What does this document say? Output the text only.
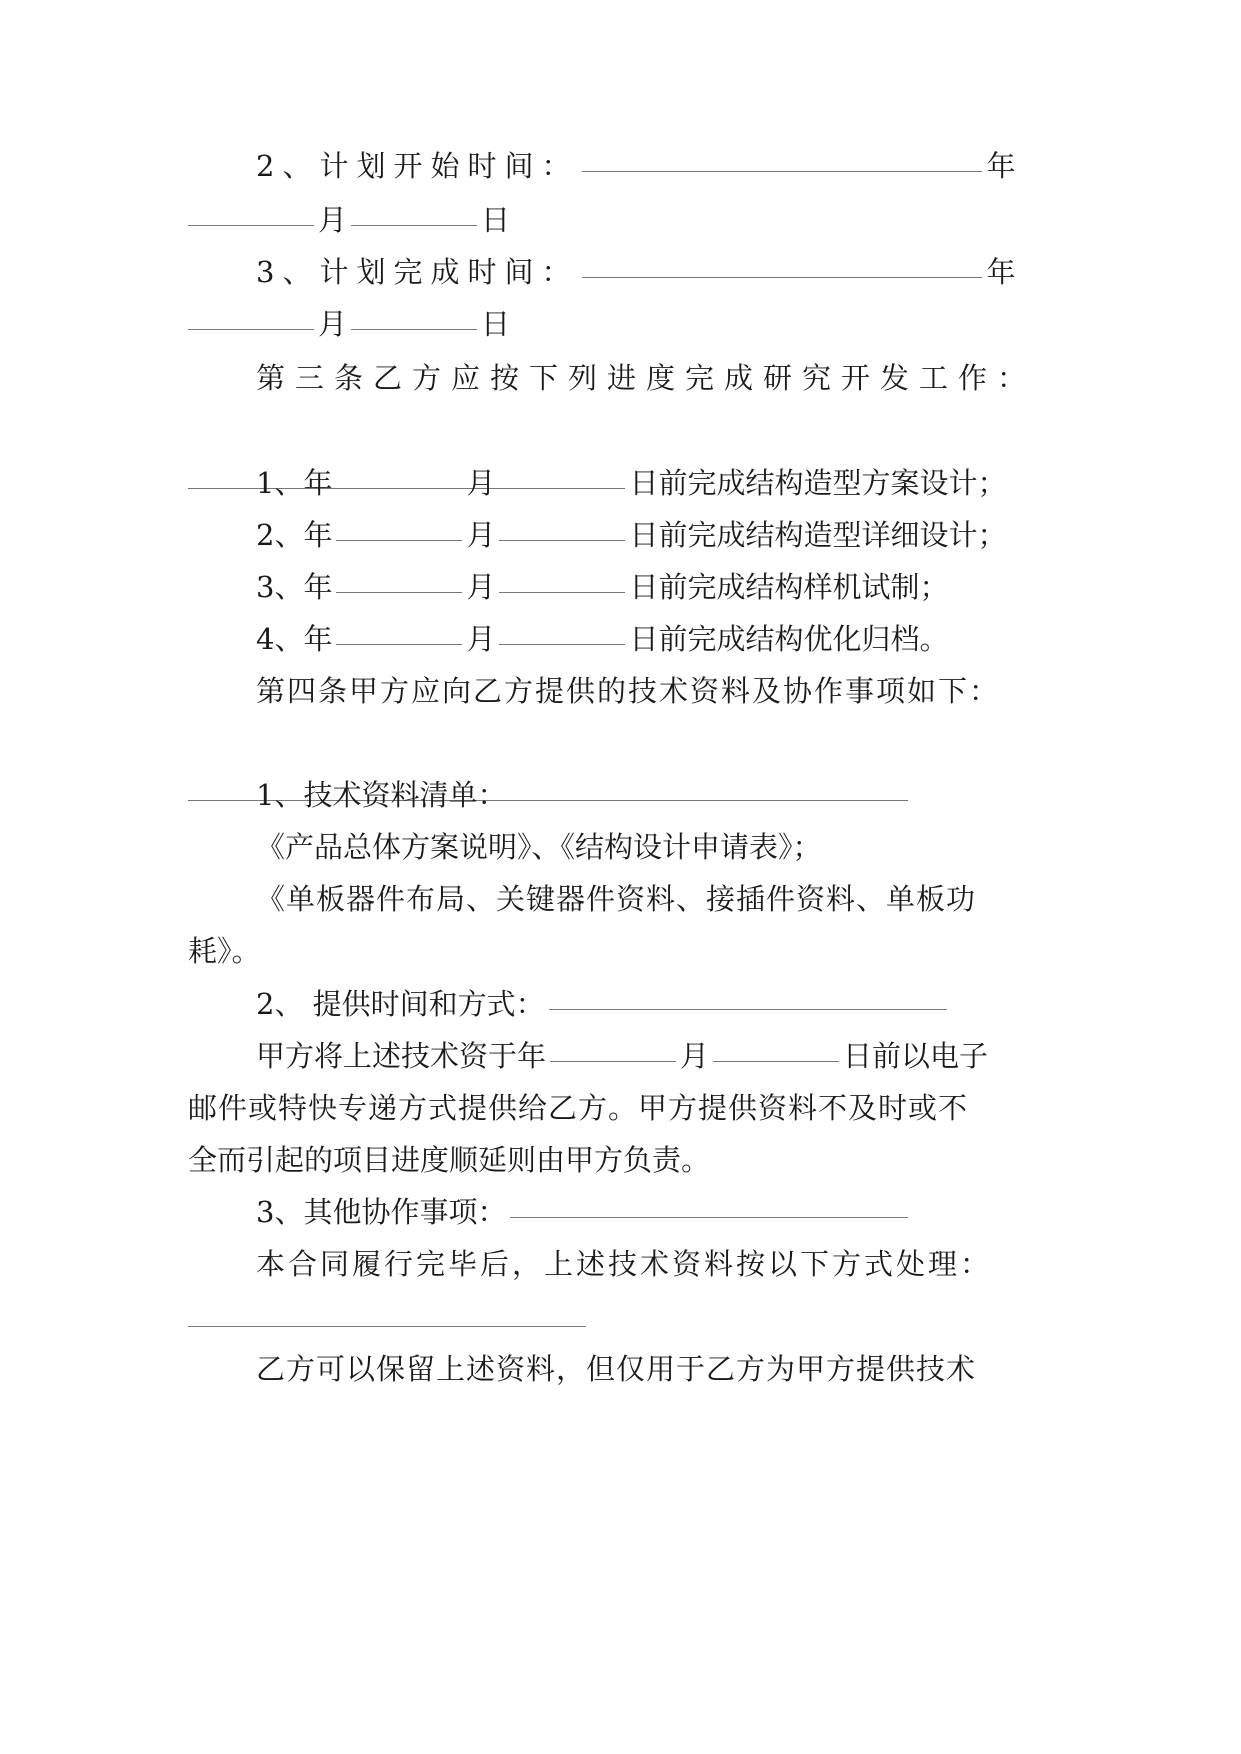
2、计划开始时间：	年
月	日
3、计划完成时间：	年
月	日
第三条乙方应按下列进度完成研究开发工作：
1、年	月	日前完成结构造型方案设计；
2、年	月	日前完成结构造型详细设计；
3、年	月	日前完成结构样机试制；
4、年	月	日前完成结构优化归档。
第四条甲方应向乙方提供的技术资料及协作事项如下：
1、技术资料清单：
《产品总体方案说明》、《结构设计申请表》；
《单板器件布局、关键器件资料、接插件资料、单板功
耗》。
2、 提供时间和方式：
甲方将上述技术资于年	月	日前以电子
邮件或特快专递方式提供给乙方。甲方提供资料不及时或不
全而引起的项目进度顺延则由甲方负责。
3、其他协作事项：
本合同履行完毕后，上述技术资料按以下方式处理：
乙方可以保留上述资料，但仅用于乙方为甲方提供技术
